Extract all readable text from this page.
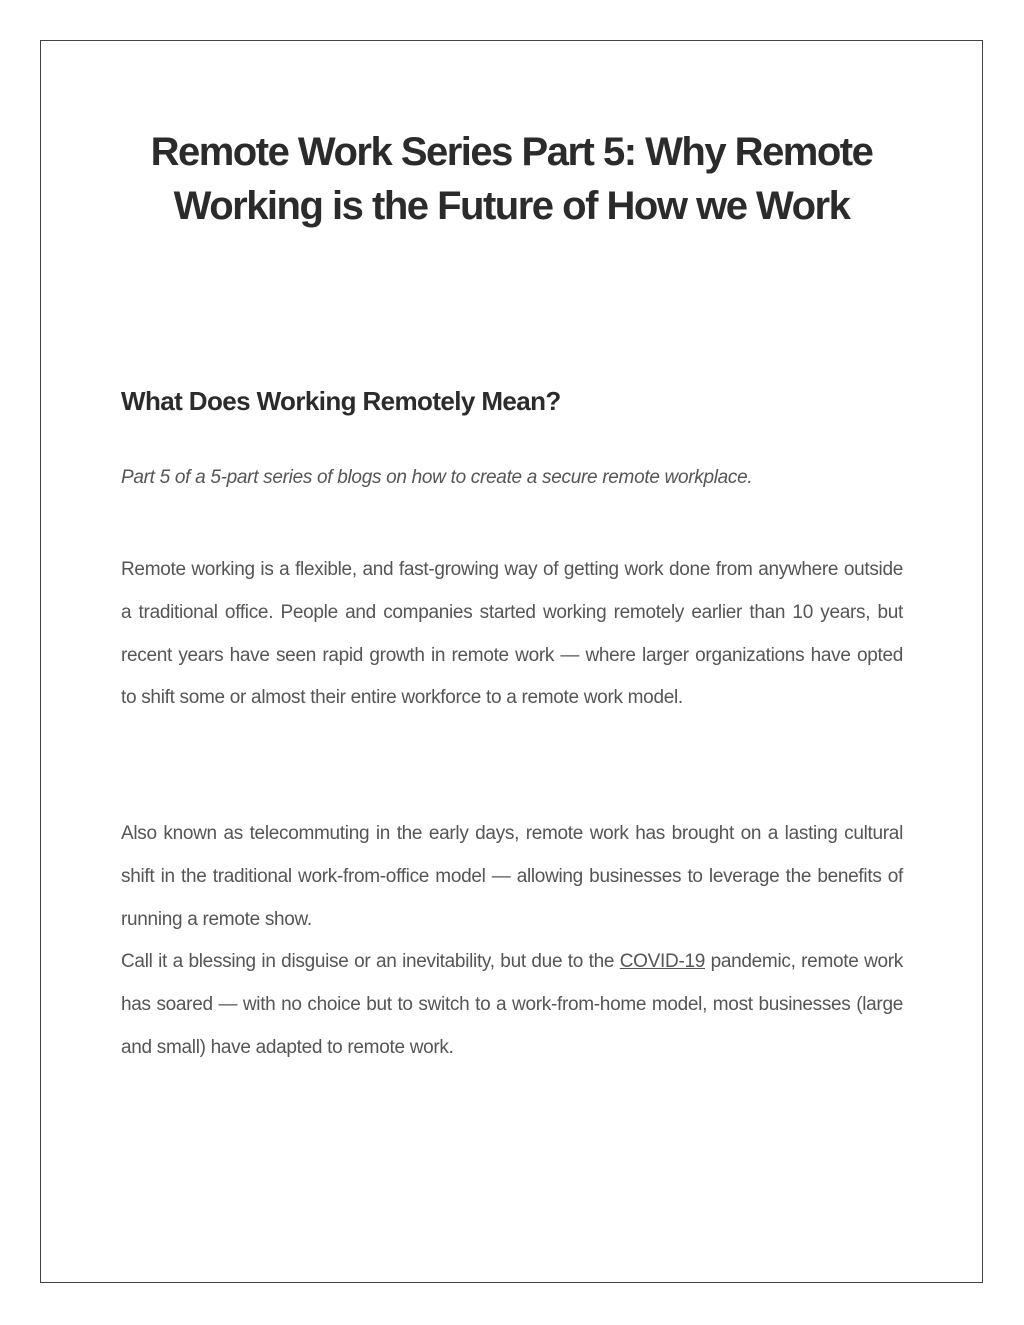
Remote Work Series Part 5: Why Remote Working is the Future of How we Work
What Does Working Remotely Mean?

Part 5 of a 5-part series of blogs on how to create a secure remote workplace.

Remote working is a flexible, and fast-growing way of getting work done from anywhere outside a traditional office. People and companies started working remotely earlier than 10 years, but recent years have seen rapid growth in remote work — where larger organizations have opted to shift some or almost their entire workforce to a remote work model.

Also known as telecommuting in the early days, remote work has brought on a lasting cultural shift in the traditional work-from-office model — allowing businesses to leverage the benefits of running a remote show.

Call it a blessing in disguise or an inevitability, but due to the COVID-19 pandemic, remote work has soared — with no choice but to switch to a work-from-home model, most businesses (large and small) have adapted to remote work.
